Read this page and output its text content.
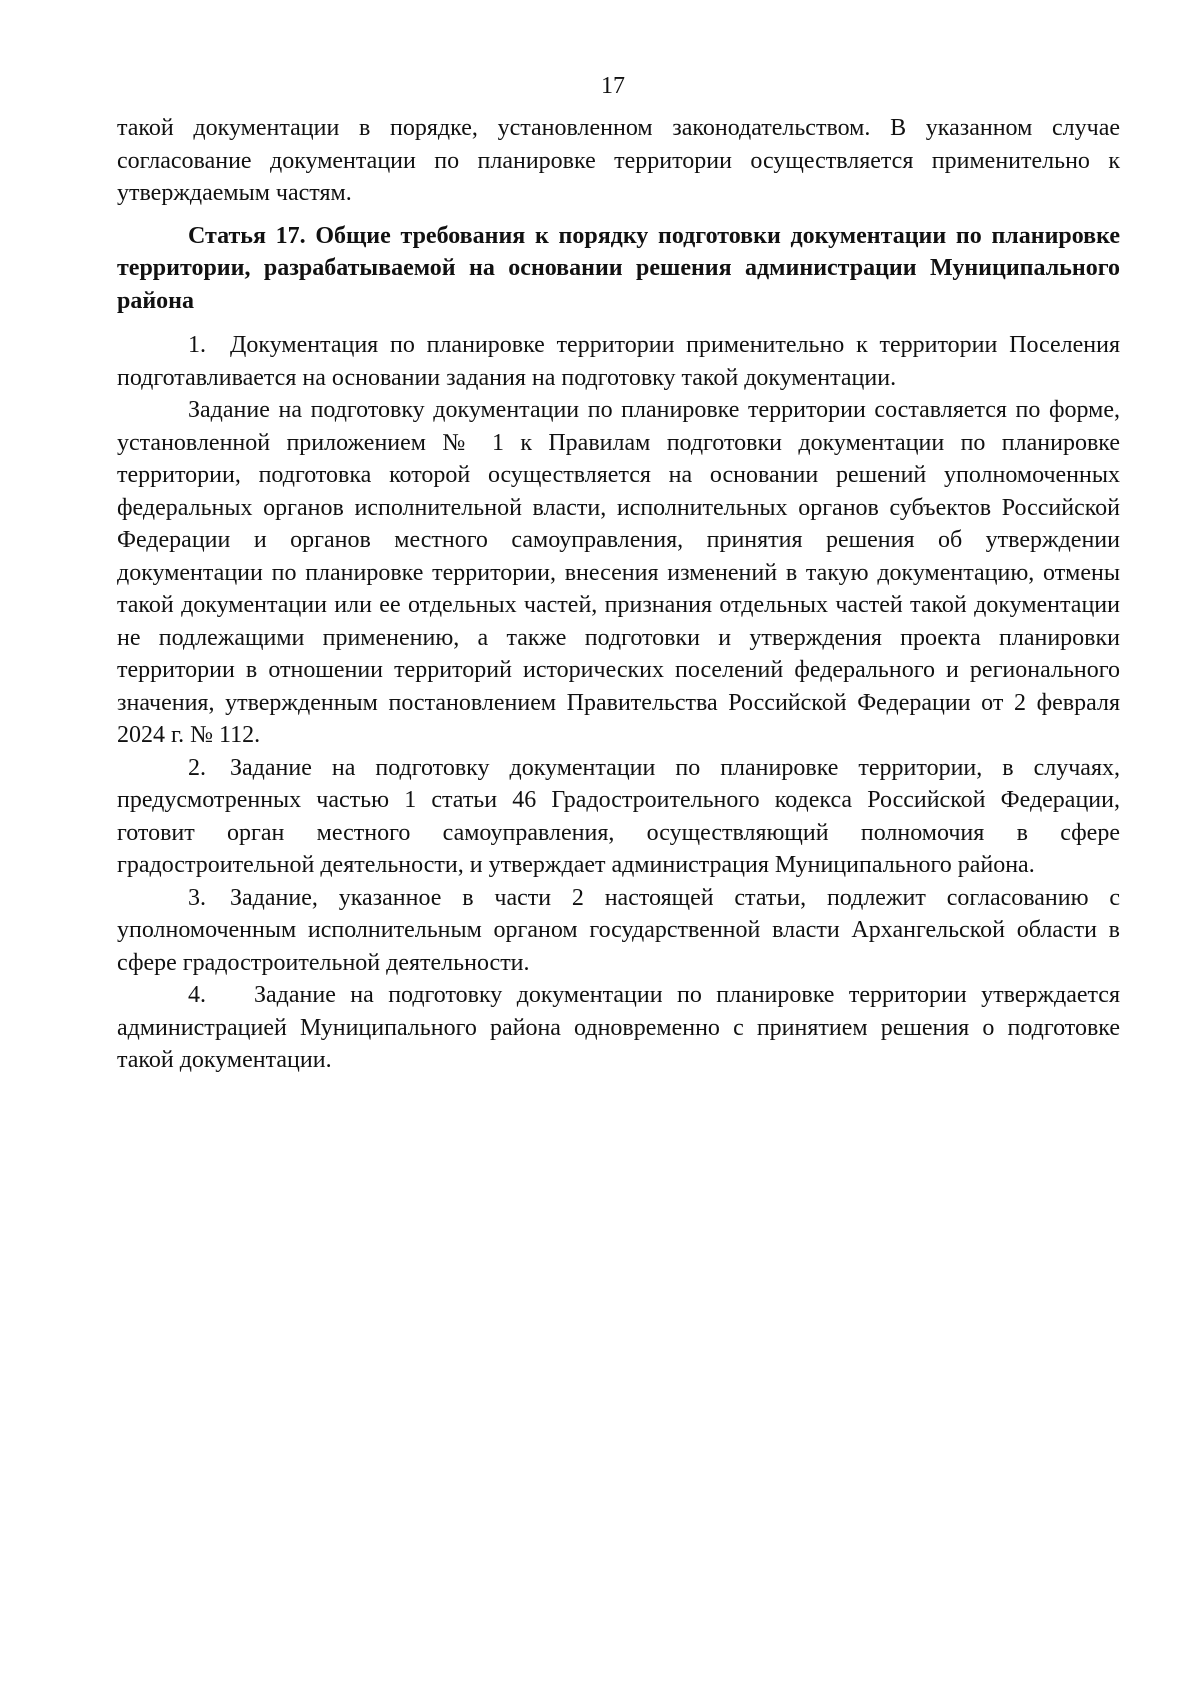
17

такой документации в порядке, установленном законодательством. В указанном случае согласование документации по планировке территории осуществляется применительно к утверждаемым частям.

Статья 17. Общие требования к порядку подготовки документации по планировке территории, разрабатываемой на основании решения администрации Муниципального района

1. Документация по планировке территории применительно к территории Поселения подготавливается на основании задания на подготовку такой документации.

Задание на подготовку документации по планировке территории составляется по форме, установленной приложением № 1 к Правилам подготовки документации по планировке территории, подготовка которой осуществляется на основании решений уполномоченных федеральных органов исполнительной власти, исполнительных органов субъектов Российской Федерации и органов местного самоуправления, принятия решения об утверждении документации по планировке территории, внесения изменений в такую документацию, отмены такой документации или ее отдельных частей, признания отдельных частей такой документации не подлежащими применению, а также подготовки и утверждения проекта планировки территории в отношении территорий исторических поселений федерального и регионального значения, утвержденным постановлением Правительства Российской Федерации от 2 февраля 2024 г. № 112.

2. Задание на подготовку документации по планировке территории, в случаях, предусмотренных частью 1 статьи 46 Градостроительного кодекса Российской Федерации, готовит орган местного самоуправления, осуществляющий полномочия в сфере градостроительной деятельности, и утверждает администрация Муниципального района.

3. Задание, указанное в части 2 настоящей статьи, подлежит согласованию с уполномоченным исполнительным органом государственной власти Архангельской области в сфере градостроительной деятельности.

4.  Задание на подготовку документации по планировке территории утверждается администрацией Муниципального района одновременно с принятием решения о подготовке такой документации.
